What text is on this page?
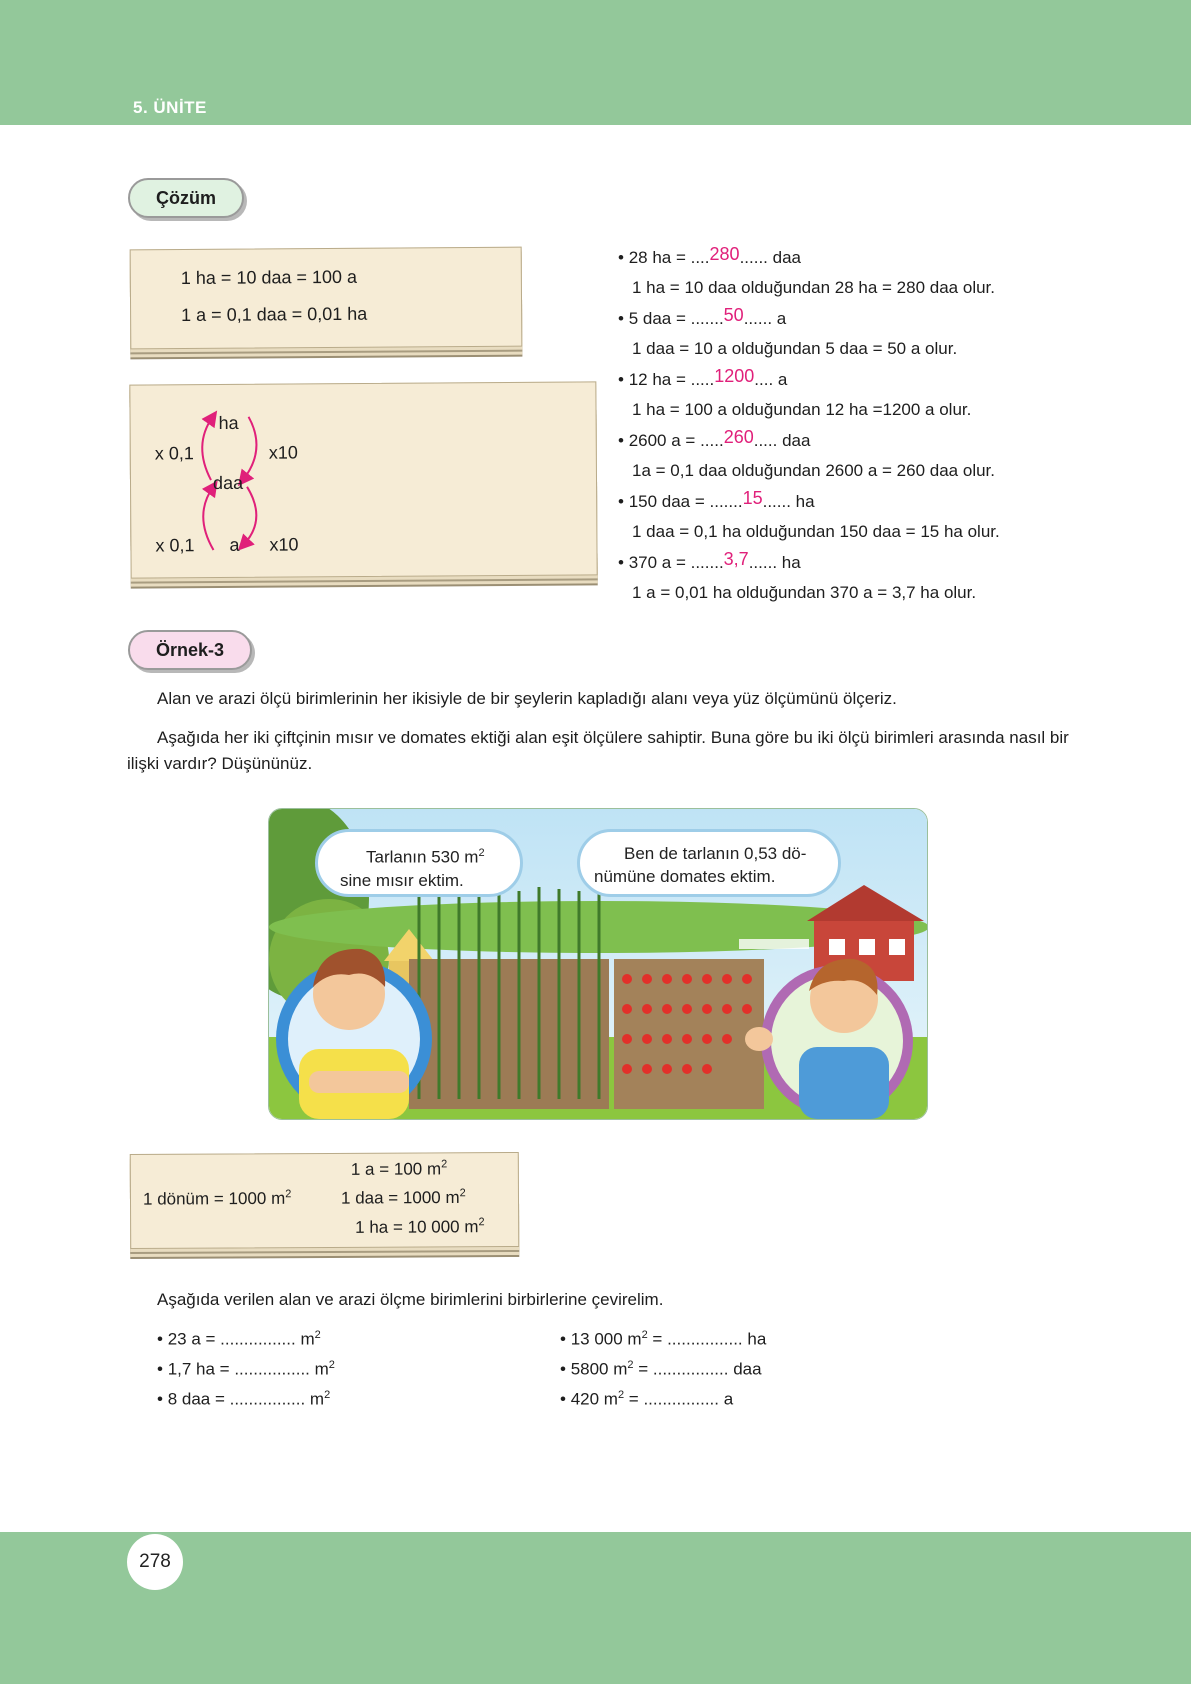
5. ÜNİTE
Çözüm
1 ha = 10 daa = 100 a
1 a = 0,1 daa = 0,01 ha
ha
daa
a
x 0,1
x 0,1
x10
x10
• 28 ha = ....280...... daa
1 ha = 10 daa olduğundan 28 ha = 280 daa olur.
• 5 daa = .......50...... a
1 daa = 10 a olduğundan 5 daa = 50 a olur.
• 12 ha = .....1200.... a
1 ha = 100 a olduğundan 12 ha =1200 a olur.
• 2600 a = .....260..... daa
1a = 0,1 daa olduğundan 2600 a = 260 daa olur.
• 150 daa = .......15...... ha
1 daa = 0,1 ha olduğundan 150 daa = 15 ha olur.
• 370 a = .......3,7...... ha
1 a = 0,01 ha olduğundan 370 a = 3,7 ha olur.
Örnek-3
Alan ve arazi ölçü birimlerinin her ikisiyle de bir şeylerin kapladığı alanı veya yüz ölçümünü ölçeriz.
Aşağıda her iki çiftçinin mısır ve domates ektiği alan eşit ölçülere sahiptir. Buna göre bu iki ölçü birimleri arasında nasıl bir ilişki vardır? Düşününüz.
Tarlanın 530 $m^2$
sine mısır ektim.
Ben de tarlanın 0,53 dö-
nümüne domates ektim.
1 dönüm = 1000 $m^2$
1 a = 100 $m^2$
1 daa = 1000 $m^2$
1 ha = 10 000 $m^2$
Aşağıda verilen alan ve arazi ölçme birimlerini birbirlerine çevirelim.
• 23 a = ................ $m^2$
• 1,7 ha = ................ $m^2$
• 8 daa = ................ $m^2$
• 13 000 $m^2$ = ................ ha
• 5800 $m^2$ = ................ daa
• 420 $m^2$ = ................ a
278
